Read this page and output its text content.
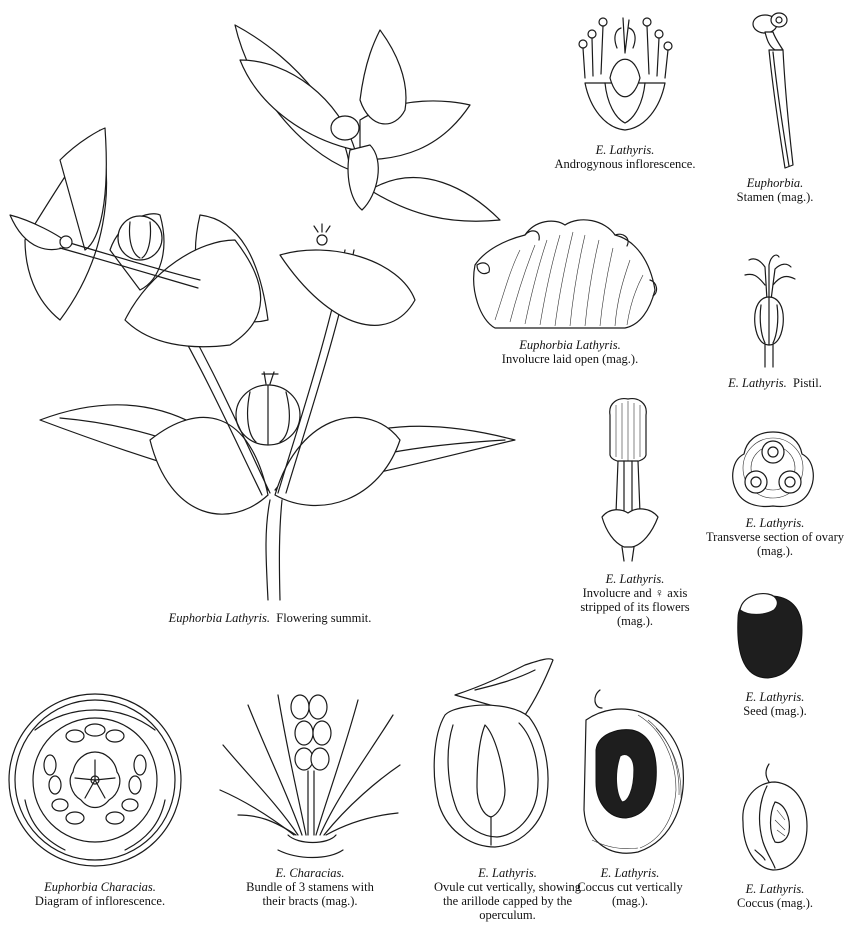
Euphorbia Lathyris. Flowering summit.
E. Lathyris.
Androgynous inflorescence.
Euphorbia.
Stamen (mag.).
Euphorbia Lathyris.
Involucre laid open (mag.).
E. Lathyris. Pistil.
E. Lathyris.
Involucre and ♀ axis stripped of its flowers (mag.).
E. Lathyris.
Transverse section of ovary (mag.).
E. Lathyris.
Seed (mag.).
Euphorbia Characias.
Diagram of inflorescence.
E. Characias.
Bundle of 3 stamens with their bracts (mag.).
E. Lathyris.
Ovule cut vertically, showing the arillode capped by the operculum.
E. Lathyris.
Coccus cut vertically (mag.).
E. Lathyris.
Coccus (mag.).
